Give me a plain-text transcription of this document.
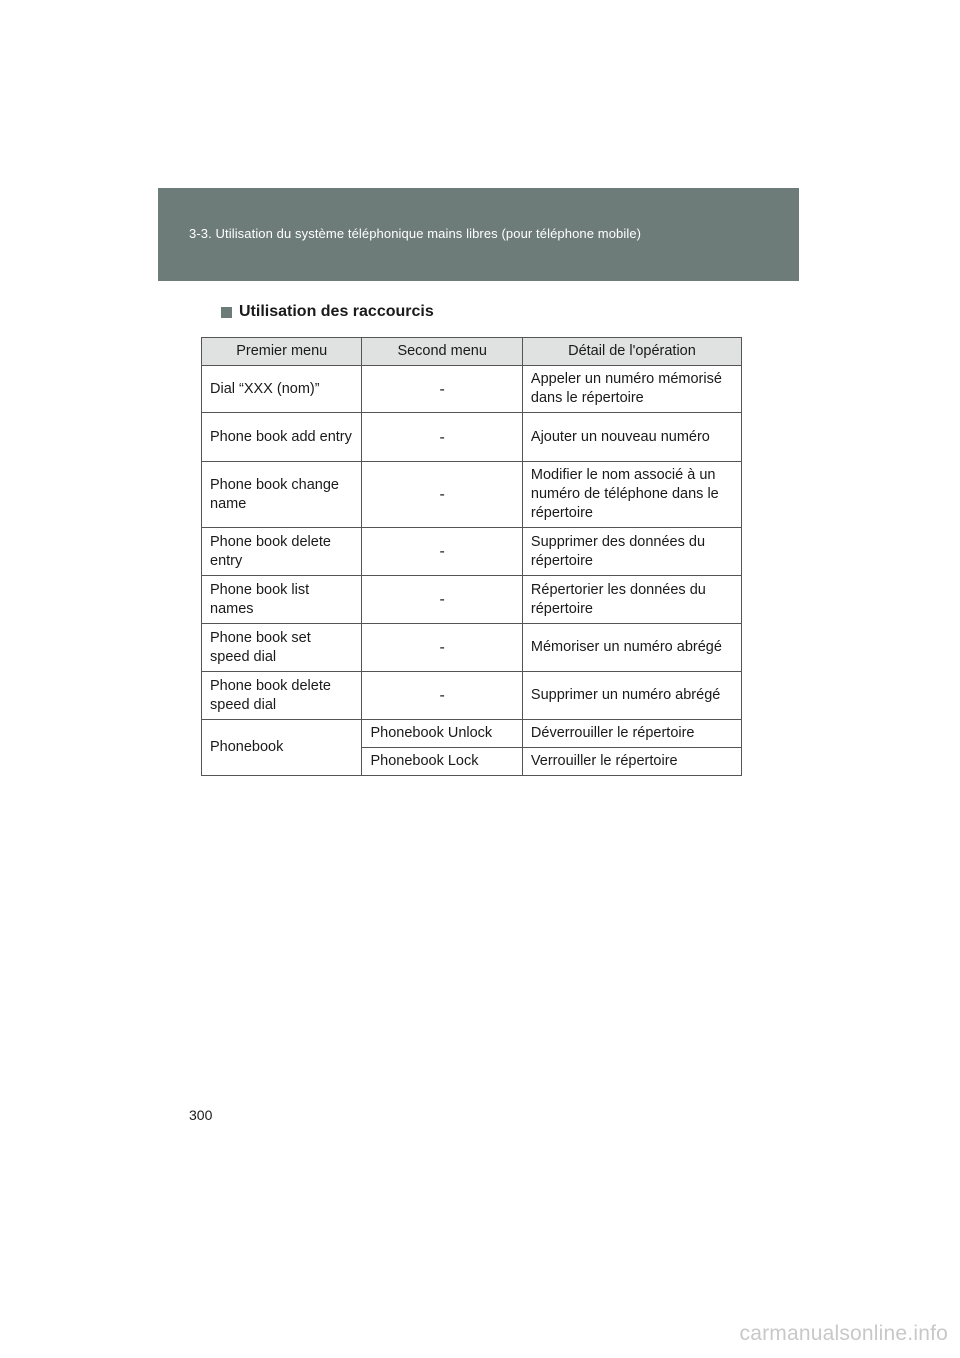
3-3. Utilisation du système téléphonique mains libres (pour téléphone mobile)
Utilisation des raccourcis
Premier menu	Second menu	Détail de l'opération
Dial “XXX (nom)”	-	Appeler un numéro mémorisé dans le répertoire
Phone book add entry	-	Ajouter un nouveau numéro
Phone book change name	-	Modifier le nom associé à un numéro de téléphone dans le répertoire
Phone book delete entry	-	Supprimer des données du répertoire
Phone book list names	-	Répertorier les données du répertoire
Phone book set speed dial	-	Mémoriser un numéro abrégé
Phone book delete speed dial	-	Supprimer un numéro abrégé
Phonebook	Phonebook Unlock	Déverrouiller le répertoire
	Phonebook Lock	Verrouiller le répertoire
300
carmanualsonline.info
